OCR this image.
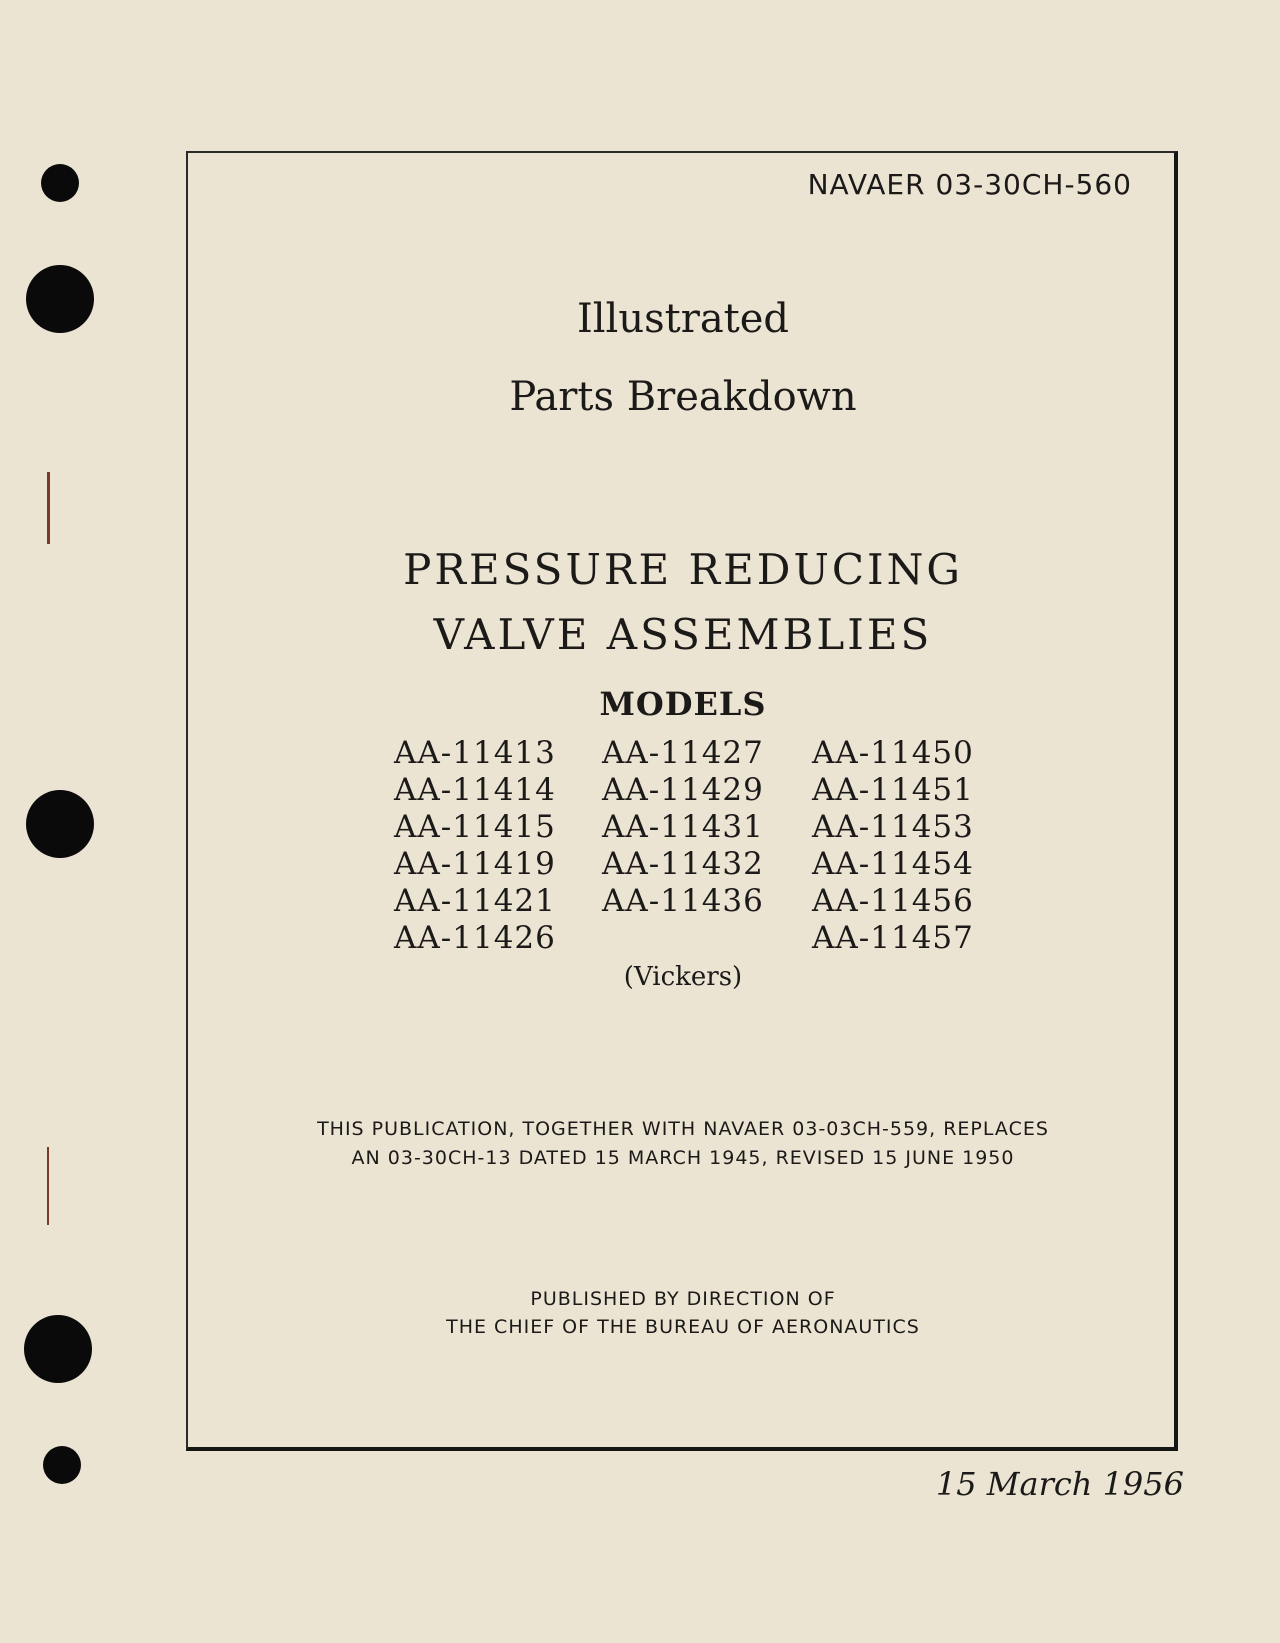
NAVAER 03-30CH-560
Illustrated
Parts Breakdown
PRESSURE REDUCING
VALVE ASSEMBLIES
MODELS
AA-11413
AA-11414
AA-11415
AA-11419
AA-11421
AA-11426
AA-11427
AA-11429
AA-11431
AA-11432
AA-11436
AA-11450
AA-11451
AA-11453
AA-11454
AA-11456
AA-11457
(Vickers)
THIS PUBLICATION, TOGETHER WITH NAVAER 03-03CH-559, REPLACES
AN 03-30CH-13 DATED 15 MARCH 1945, REVISED 15 JUNE 1950
PUBLISHED BY DIRECTION OF
THE CHIEF OF THE BUREAU OF AERONAUTICS
15 March 1956
